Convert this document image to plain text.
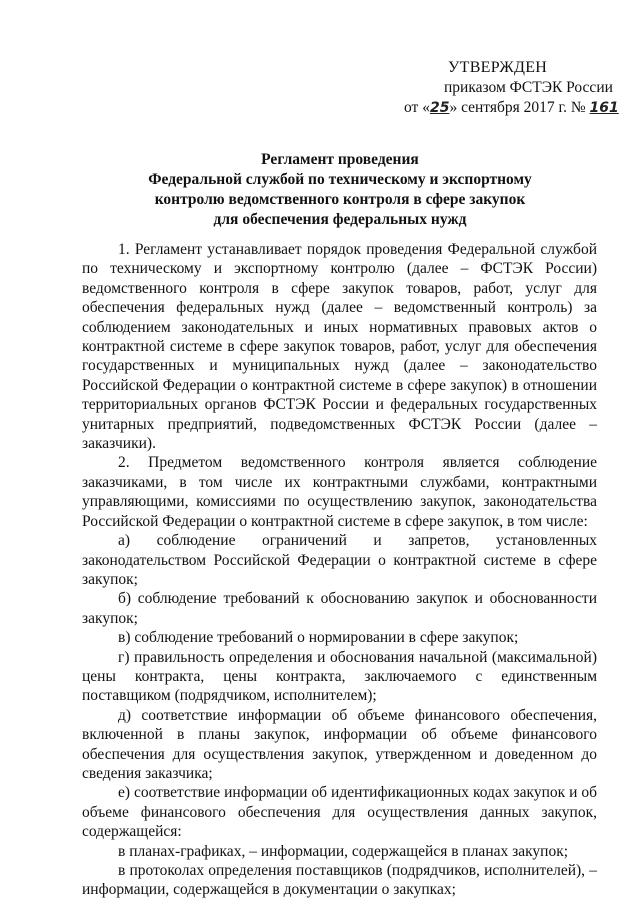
УТВЕРЖДЕН
приказом ФСТЭК России
от «25» сентября 2017 г. № 161
Регламент проведения
Федеральной службой по техническому и экспортному
контролю ведомственного контроля в сфере закупок
для обеспечения федеральных нужд

1. Регламент устанавливает порядок проведения Федеральной службой по техническому и экспортному контролю (далее – ФСТЭК России) ведомственного контроля в сфере закупок товаров, работ, услуг для обеспечения федеральных нужд (далее – ведомственный контроль) за соблюдением законодательных и иных нормативных правовых актов о контрактной системе в сфере закупок товаров, работ, услуг для обеспечения государственных и муниципальных нужд (далее – законодательство Российской Федерации о контрактной системе в сфере закупок) в отношении территориальных органов ФСТЭК России и федеральных государственных унитарных предприятий, подведомственных ФСТЭК России (далее – заказчики).

2. Предметом ведомственного контроля является соблюдение заказчиками, в том числе их контрактными службами, контрактными управляющими, комиссиями по осуществлению закупок, законодательства Российской Федерации о контрактной системе в сфере закупок, в том числе:

а) соблюдение ограничений и запретов, установленных законодательством Российской Федерации о контрактной системе в сфере закупок;

б) соблюдение требований к обоснованию закупок и обоснованности закупок;

в) соблюдение требований о нормировании в сфере закупок;

г) правильность определения и обоснования начальной (максимальной) цены контракта, цены контракта, заключаемого с единственным поставщиком (подрядчиком, исполнителем);

д) соответствие информации об объеме финансового обеспечения, включенной в планы закупок, информации об объеме финансового обеспечения для осуществления закупок, утвержденном и доведенном до сведения заказчика;

е) соответствие информации об идентификационных кодах закупок и об объеме финансового обеспечения для осуществления данных закупок, содержащейся:

в планах-графиках, – информации, содержащейся в планах закупок;

в протоколах определения поставщиков (подрядчиков, исполнителей), – информации, содержащейся в документации о закупках;
